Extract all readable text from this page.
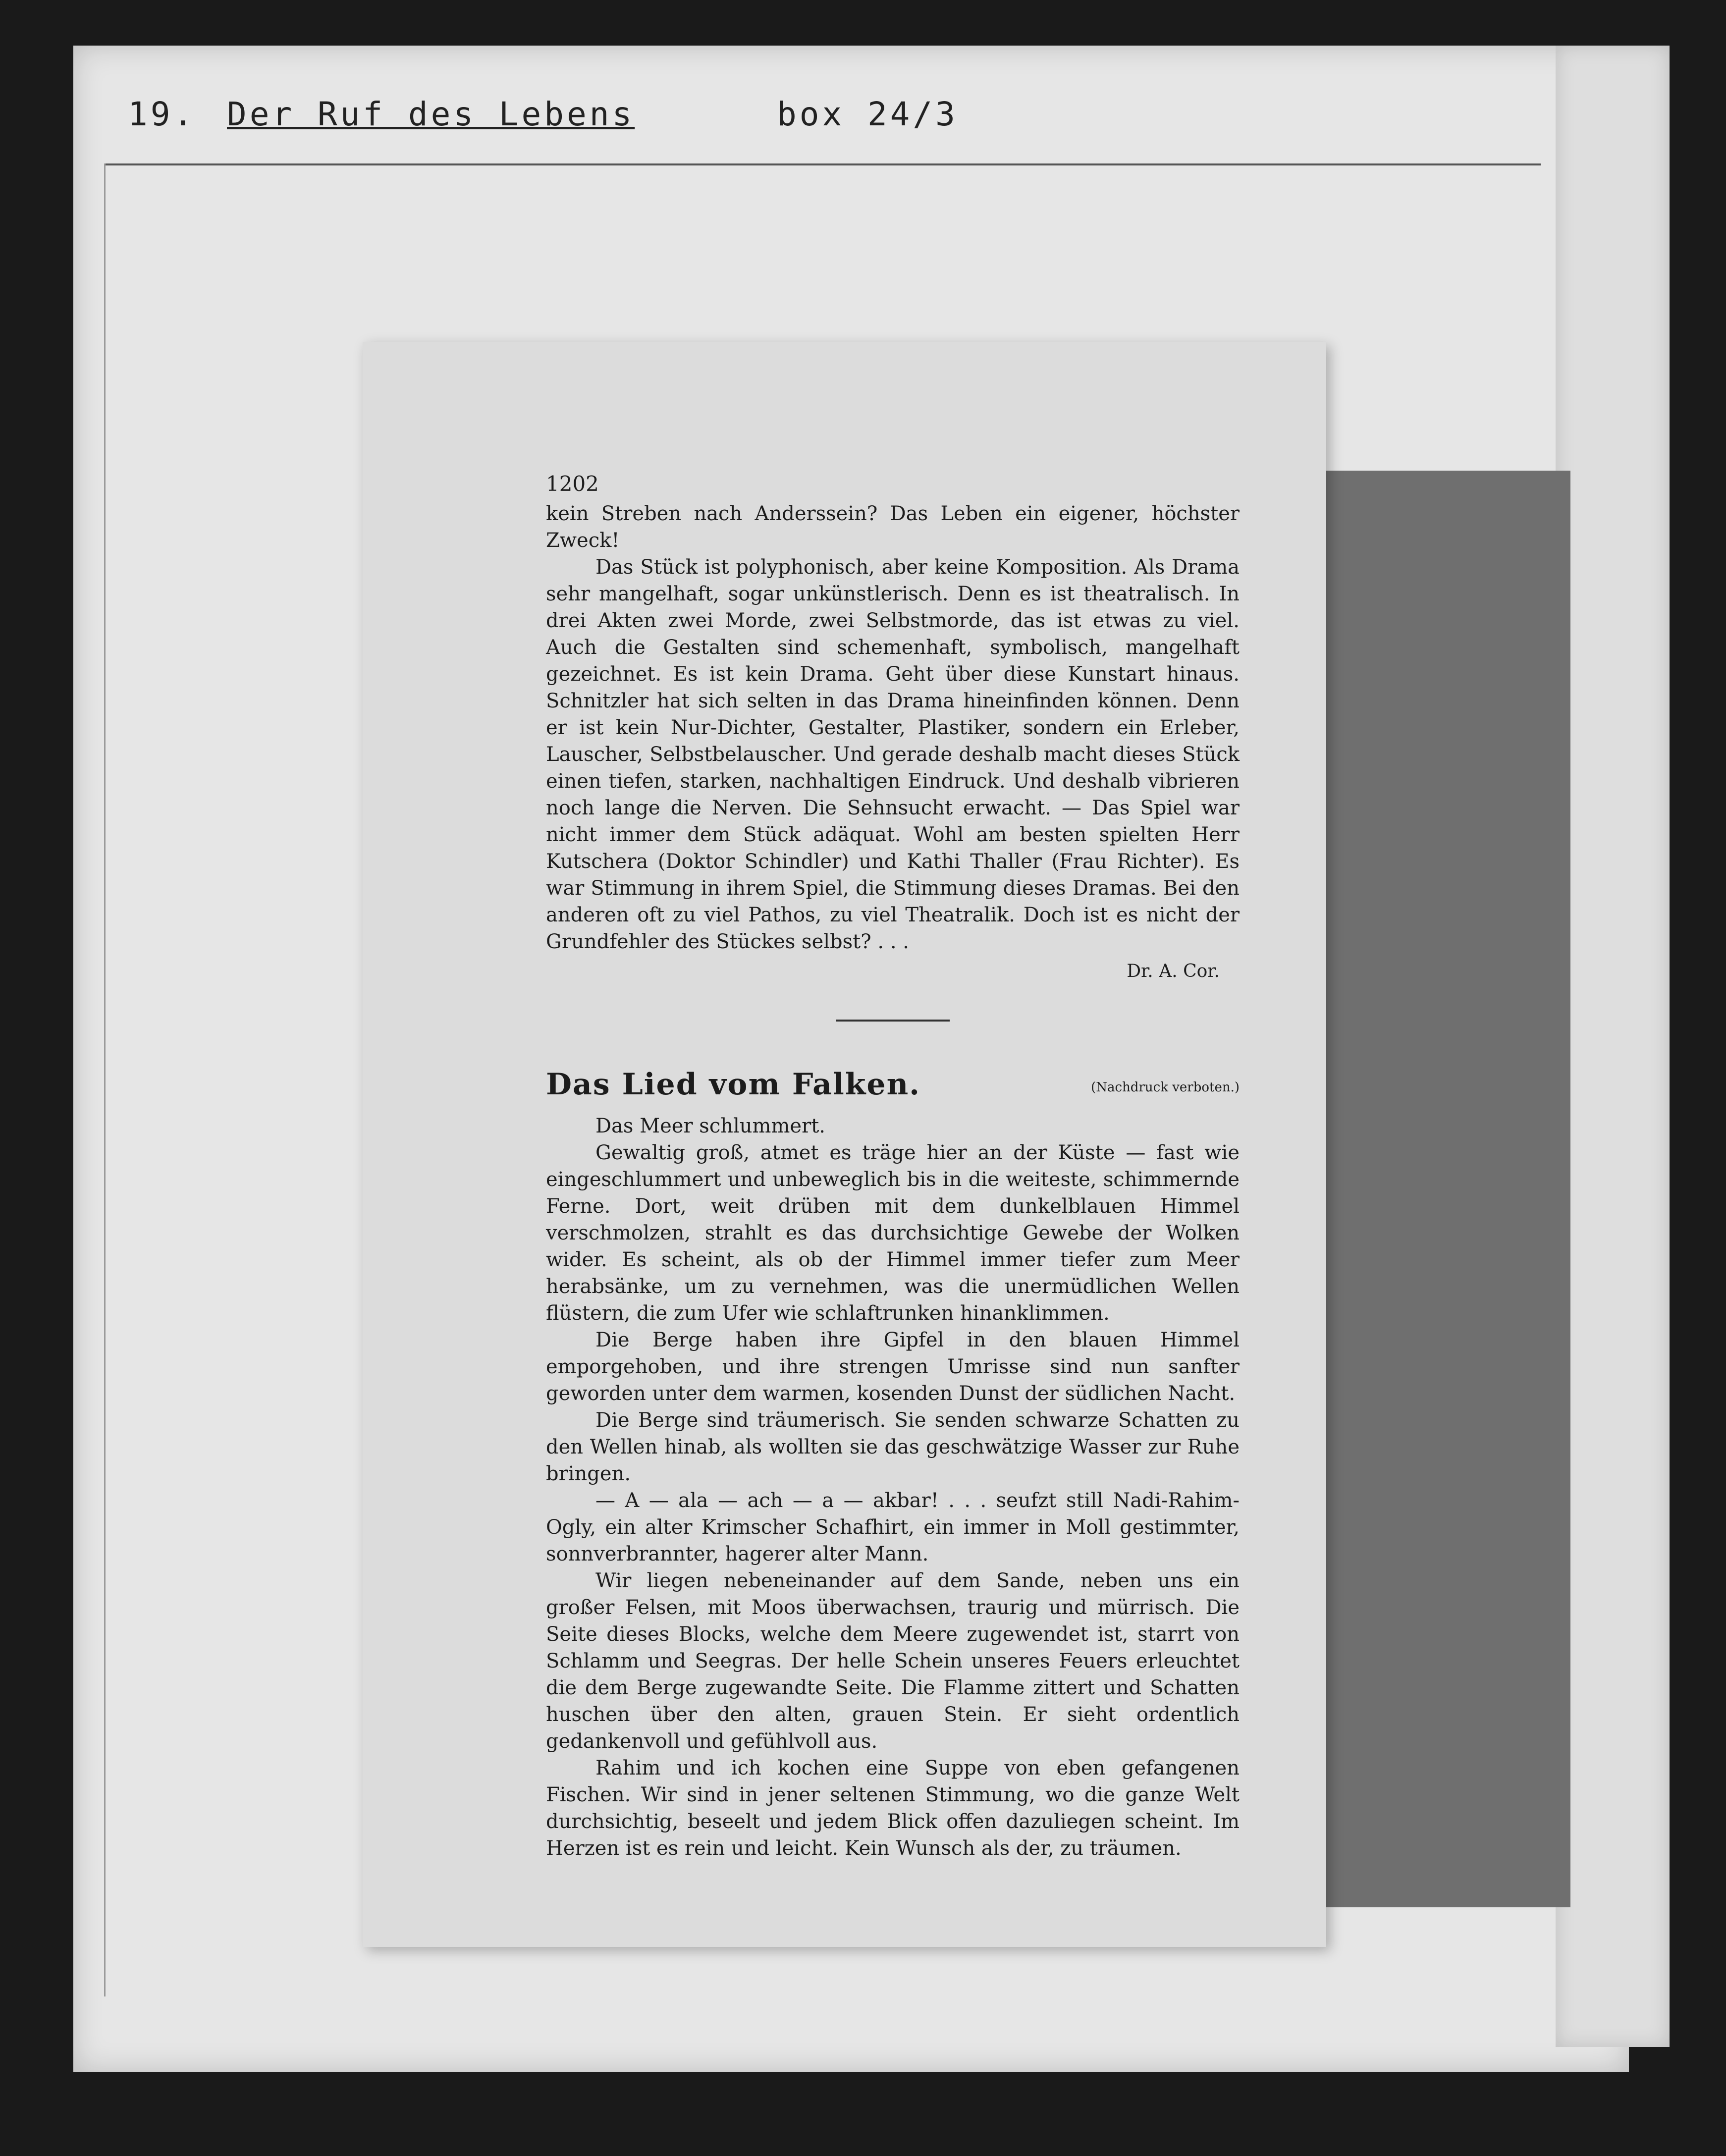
19. Der Ruf des Lebens	box 24/3
1202

kein Streben nach Anderssein? Das Leben ein eigener, höchster Zweck!

Das Stück ist polyphonisch, aber keine Komposition. Als Drama sehr mangelhaft, sogar unkünstlerisch. Denn es ist theatralisch. In drei Akten zwei Morde, zwei Selbstmorde, das ist etwas zu viel. Auch die Gestalten sind schemenhaft, symbolisch, mangelhaft gezeichnet. Es ist kein Drama. Geht über diese Kunstart hinaus. Schnitzler hat sich selten in das Drama hineinfinden können. Denn er ist kein Nur-Dichter, Gestalter, Plastiker, sondern ein Erleber, Lauscher, Selbstbelauscher. Und gerade deshalb macht dieses Stück einen tiefen, starken, nachhaltigen Eindruck. Und deshalb vibrieren noch lange die Nerven. Die Sehnsucht erwacht. — Das Spiel war nicht immer dem Stück adäquat. Wohl am besten spielten Herr Kutschera (Doktor Schindler) und Kathi Thaller (Frau Richter). Es war Stimmung in ihrem Spiel, die Stimmung dieses Dramas. Bei den anderen oft zu viel Pathos, zu viel Theatralik. Doch ist es nicht der Grundfehler des Stückes selbst? . . .

Dr. A. Cor.
Das Lied vom Falken.	(Nachdruck verboten.)

Das Meer schlummert.

Gewaltig groß, atmet es träge hier an der Küste — fast wie eingeschlummert und unbeweglich bis in die weiteste, schimmernde Ferne. Dort, weit drüben mit dem dunkelblauen Himmel verschmolzen, strahlt es das durchsichtige Gewebe der Wolken wider. Es scheint, als ob der Himmel immer tiefer zum Meer herabsänke, um zu vernehmen, was die unermüdlichen Wellen flüstern, die zum Ufer wie schlaftrunken hinanklimmen.

Die Berge haben ihre Gipfel in den blauen Himmel emporgehoben, und ihre strengen Umrisse sind nun sanfter geworden unter dem warmen, kosenden Dunst der südlichen Nacht.

Die Berge sind träumerisch. Sie senden schwarze Schatten zu den Wellen hinab, als wollten sie das geschwätzige Wasser zur Ruhe bringen.

— A — ala — ach — a — akbar! . . . seufzt still Nadi-Rahim-Ogly, ein alter Krimscher Schafhirt, ein immer in Moll gestimmter, sonnverbrannter, hagerer alter Mann.

Wir liegen nebeneinander auf dem Sande, neben uns ein großer Felsen, mit Moos überwachsen, traurig und mürrisch. Die Seite dieses Blocks, welche dem Meere zugewendet ist, starrt von Schlamm und Seegras. Der helle Schein unseres Feuers erleuchtet die dem Berge zugewandte Seite. Die Flamme zittert und Schatten huschen über den alten, grauen Stein. Er sieht ordentlich gedankenvoll und gefühlvoll aus.

Rahim und ich kochen eine Suppe von eben gefangenen Fischen. Wir sind in jener seltenen Stimmung, wo die ganze Welt durchsichtig, beseelt und jedem Blick offen dazuliegen scheint. Im Herzen ist es rein und leicht. Kein Wunsch als der, zu träumen.
